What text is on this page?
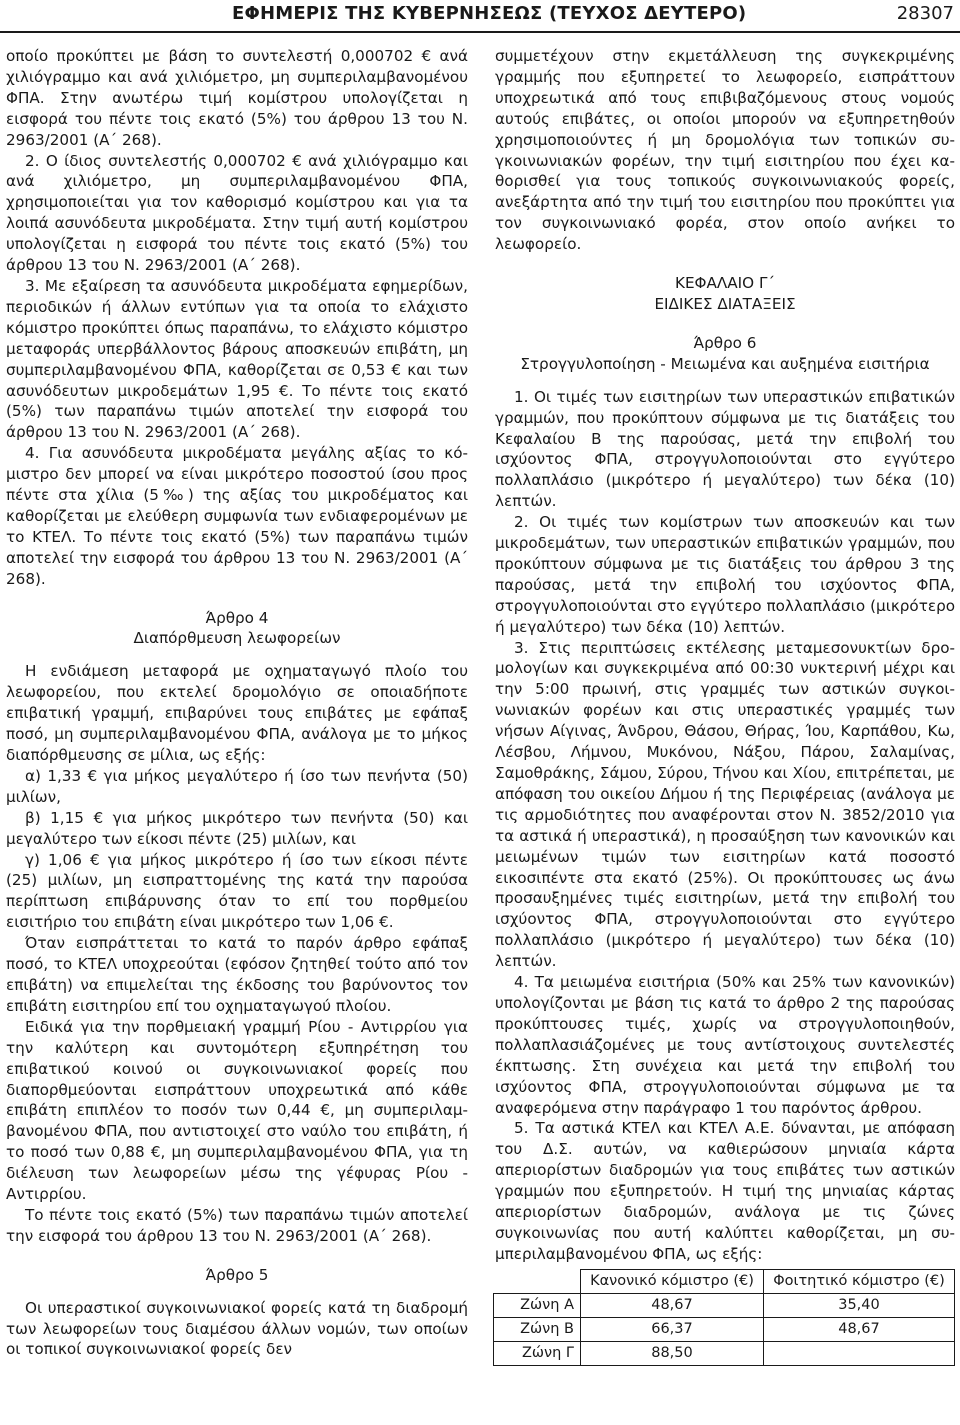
ΕΦΗΜΕΡΙΣ ΤΗΣ ΚΥΒΕΡΝΗΣΕΩΣ (ΤΕΥΧΟΣ ΔΕΥΤΕΡΟ)	28307

οποίο προκύπτει με βάση το συντελεστή 0,000702 € ανά χιλιόγραμμο και ανά χιλιόμετρο, μη συμπεριλαμβανομένου ΦΠΑ. Στην ανωτέρω τιμή κομίστρου υπολογίζεται η εισφορά του πέντε τοις εκατό (5%) του άρθρου 13 του Ν. 2963/2001 (Α΄ 268).

2. Ο ίδιος συντελεστής 0,000702 € ανά χιλιόγραμμο και ανά χιλιόμετρο, μη συμπεριλαμβανομένου ΦΠΑ, χρησιμοποιείται για τον καθορισμό κομίστρου και για τα λοιπά ασυνόδευτα μικροδέματα. Στην τιμή αυτή κομίστρου υπολογίζεται η εισφορά του πέντε τοις εκατό (5%) του άρθρου 13 του Ν. 2963/2001 (Α΄ 268).

3. Με εξαίρεση τα ασυνόδευτα μικροδέματα εφημερίδων, περιοδικών ή άλλων εντύπων για τα οποία το ελάχιστο κόμιστρο προκύπτει όπως παραπάνω, το ελάχιστο κόμιστρο μεταφοράς υπερβάλλοντος βάρους αποσκευών επιβάτη, μη συμπεριλαμβανομένου ΦΠΑ, καθορίζεται σε 0,53 € και των ασυνόδευτων μικροδεμάτων 1,95 €. Το πέντε τοις εκατό (5%) των παραπάνω τιμών αποτελεί την εισφορά του άρθρου 13 του Ν. 2963/2001 (Α΄ 268).

4. Για ασυνόδευτα μικροδέματα μεγάλης αξίας το κόμιστρο δεν μπορεί να είναι μικρότερο ποσοστού ίσου προς πέντε στα χίλια (5‰) της αξίας του μικροδέματος και καθορίζεται με ελεύθερη συμφωνία των ενδιαφερομένων με το ΚΤΕΛ. Το πέντε τοις εκατό (5%) των παραπάνω τιμών αποτελεί την εισφορά του άρθρου 13 του Ν. 2963/2001 (Α΄ 268).

Άρθρο 4

Διαπόρθμευση λεωφορείων

Η ενδιάμεση μεταφορά με οχηματαγωγό πλοίο του λεωφορείου, που εκτελεί δρομολόγιο σε οποιαδήποτε επιβατική γραμμή, επιβαρύνει τους επιβάτες με εφάπαξ ποσό, μη συμπεριλαμβανομένου ΦΠΑ, ανάλογα με το μήκος διαπόρθμευσης σε μίλια, ως εξής:

α) 1,33 € για μήκος μεγαλύτερο ή ίσο των πενήντα (50) μιλίων,

β) 1,15 € για μήκος μικρότερο των πενήντα (50) και μεγαλύτερο των είκοσι πέντε (25) μιλίων, και

γ) 1,06 € για μήκος μικρότερο ή ίσο των είκοσι πέντε (25) μιλίων, μη εισπραττομένης της κατά την παρούσα περίπτωση επιβάρυνσης όταν το επί του πορθμείου εισιτήριο του επιβάτη είναι μικρότερο των 1,06 €.

Όταν εισπράττεται το κατά το παρόν άρθρο εφάπαξ ποσό, το ΚΤΕΛ υποχρεούται (εφόσον ζητηθεί τούτο από τον επιβάτη) να επιμελείται της έκδοσης του βαρύνοντος τον επιβάτη εισιτηρίου επί του οχηματαγωγού πλοίου.

Ειδικά για την πορθμειακή γραμμή Ρίου - Αντιρρίου για την καλύτερη και συντομότερη εξυπηρέτηση του επιβατικού κοινού οι συγκοινωνιακοί φορείς που διαπορθμεύονται εισπράττουν υποχρεωτικά από κάθε επιβάτη επιπλέον το ποσόν των 0,44 €, μη συμπεριλαμβανομένου ΦΠΑ, που αντιστοιχεί στο ναύλο του επιβάτη, ή το ποσό των 0,88 €, μη συμπεριλαμβανομένου ΦΠΑ, για τη διέλευση των λεωφορείων μέσω της γέφυρας Ρίου - Αντιρρίου.

Το πέντε τοις εκατό (5%) των παραπάνω τιμών αποτελεί την εισφορά του άρθρου 13 του Ν. 2963/2001 (Α΄ 268).

Άρθρο 5

Οι υπεραστικοί συγκοινωνιακοί φορείς κατά τη διαδρομή των λεωφορείων τους διαμέσου άλλων νομών, των οποίων οι τοπικοί συγκοινωνιακοί φορείς δεν

συμμετέχουν στην εκμετάλλευση της συγκεκριμένης γραμμής που εξυπηρετεί το λεωφορείο, εισπράττουν υποχρεωτικά από τους επιβιβαζόμενους στους νομούς αυτούς επιβάτες, οι οποίοι μπορούν να εξυπηρετηθούν χρησιμοποιούντες ή μη δρομολόγια των τοπικών συγκοινωνιακών φορέων, την τιμή εισιτηρίου που έχει καθορισθεί για τους τοπικούς συγκοινωνιακούς φορείς, ανεξάρτητα από την τιμή του εισιτηρίου που προκύπτει για τον συγκοινωνιακό φορέα, στον οποίο ανήκει το λεωφορείο.

ΚΕΦΑΛΑΙΟ Γ΄

ΕΙΔΙΚΕΣ ΔΙΑΤΑΞΕΙΣ

Άρθρο 6

Στρογγυλοποίηση - Μειωμένα και αυξημένα εισιτήρια

1. Οι τιμές των εισιτηρίων των υπεραστικών επιβατικών γραμμών, που προκύπτουν σύμφωνα με τις διατάξεις του Κεφαλαίου Β της παρούσας, μετά την επιβολή του ισχύοντος ΦΠΑ, στρογγυλοποιούνται στο εγγύτερο πολλαπλάσιο (μικρότερο ή μεγαλύτερο) των δέκα (10) λεπτών.

2. Οι τιμές των κομίστρων των αποσκευών και των μικροδεμάτων, των υπεραστικών επιβατικών γραμμών, που προκύπτουν σύμφωνα με τις διατάξεις του άρθρου 3 της παρούσας, μετά την επιβολή του ισχύοντος ΦΠΑ, στρογγυλοποιούνται στο εγγύτερο πολλαπλάσιο (μικρότερο ή μεγαλύτερο) των δέκα (10) λεπτών.

3. Στις περιπτώσεις εκτέλεσης μεταμεσονυκτίων δρομολογίων και συγκεκριμένα από 00:30 νυκτερινή μέχρι και την 5:00 πρωινή, στις γραμμές των αστικών συγκοινωνιακών φορέων και στις υπεραστικές γραμμές των νήσων Αίγινας, Άνδρου, Θάσου, Θήρας, Ίου, Καρπάθου, Κω, Λέσβου, Λήμνου, Μυκόνου, Νάξου, Πάρου, Σαλαμίνας, Σαμοθράκης, Σάμου, Σύρου, Τήνου και Χίου, επιτρέπεται, με απόφαση του οικείου Δήμου ή της Περιφέρειας (ανάλογα με τις αρμοδιότητες που αναφέρονται στον Ν. 3852/2010 για τα αστικά ή υπεραστικά), η προσαύξηση των κανονικών και μειωμένων τιμών των εισιτηρίων κατά ποσοστό εικοσιπέντε στα εκατό (25%). Οι προκύπτουσες ως άνω προσαυξημένες τιμές εισιτηρίων, μετά την επιβολή του ισχύοντος ΦΠΑ, στρογγυλοποιούνται στο εγγύτερο πολλαπλάσιο (μικρότερο ή μεγαλύτερο) των δέκα (10) λεπτών.

4. Τα μειωμένα εισιτήρια (50% και 25% των κανονικών) υπολογίζονται με βάση τις κατά το άρθρο 2 της παρούσας προκύπτουσες τιμές, χωρίς να στρογγυλοποιηθούν, πολλαπλασιάζομένες με τους αντίστοιχους συντελεστές έκπτωσης. Στη συνέχεια και μετά την επιβολή του ισχύοντος ΦΠΑ, στρογγυλοποιούνται σύμφωνα με τα αναφερόμενα στην παράγραφο 1 του παρόντος άρθρου.

5. Τα αστικά ΚΤΕΛ και ΚΤΕΛ Α.Ε. δύνανται, με απόφαση του Δ.Σ. αυτών, να καθιερώσουν μηνιαία κάρτα απεριορίστων διαδρομών για τους επιβάτες των αστικών γραμμών που εξυπηρετούν. Η τιμή της μηνιαίας κάρτας απεριορίστων διαδρομών, ανάλογα με τις ζώνες συγκοινωνίας που αυτή καλύπτει καθορίζεται, μη συμπεριλαμβανομένου ΦΠΑ, ως εξής:

	Κανονικό κόμιστρο (€)	Φοιτητικό κόμιστρο (€)
Ζώνη Α	48,67	35,40
Ζώνη Β	66,37	48,67
Ζώνη Γ	88,50	
